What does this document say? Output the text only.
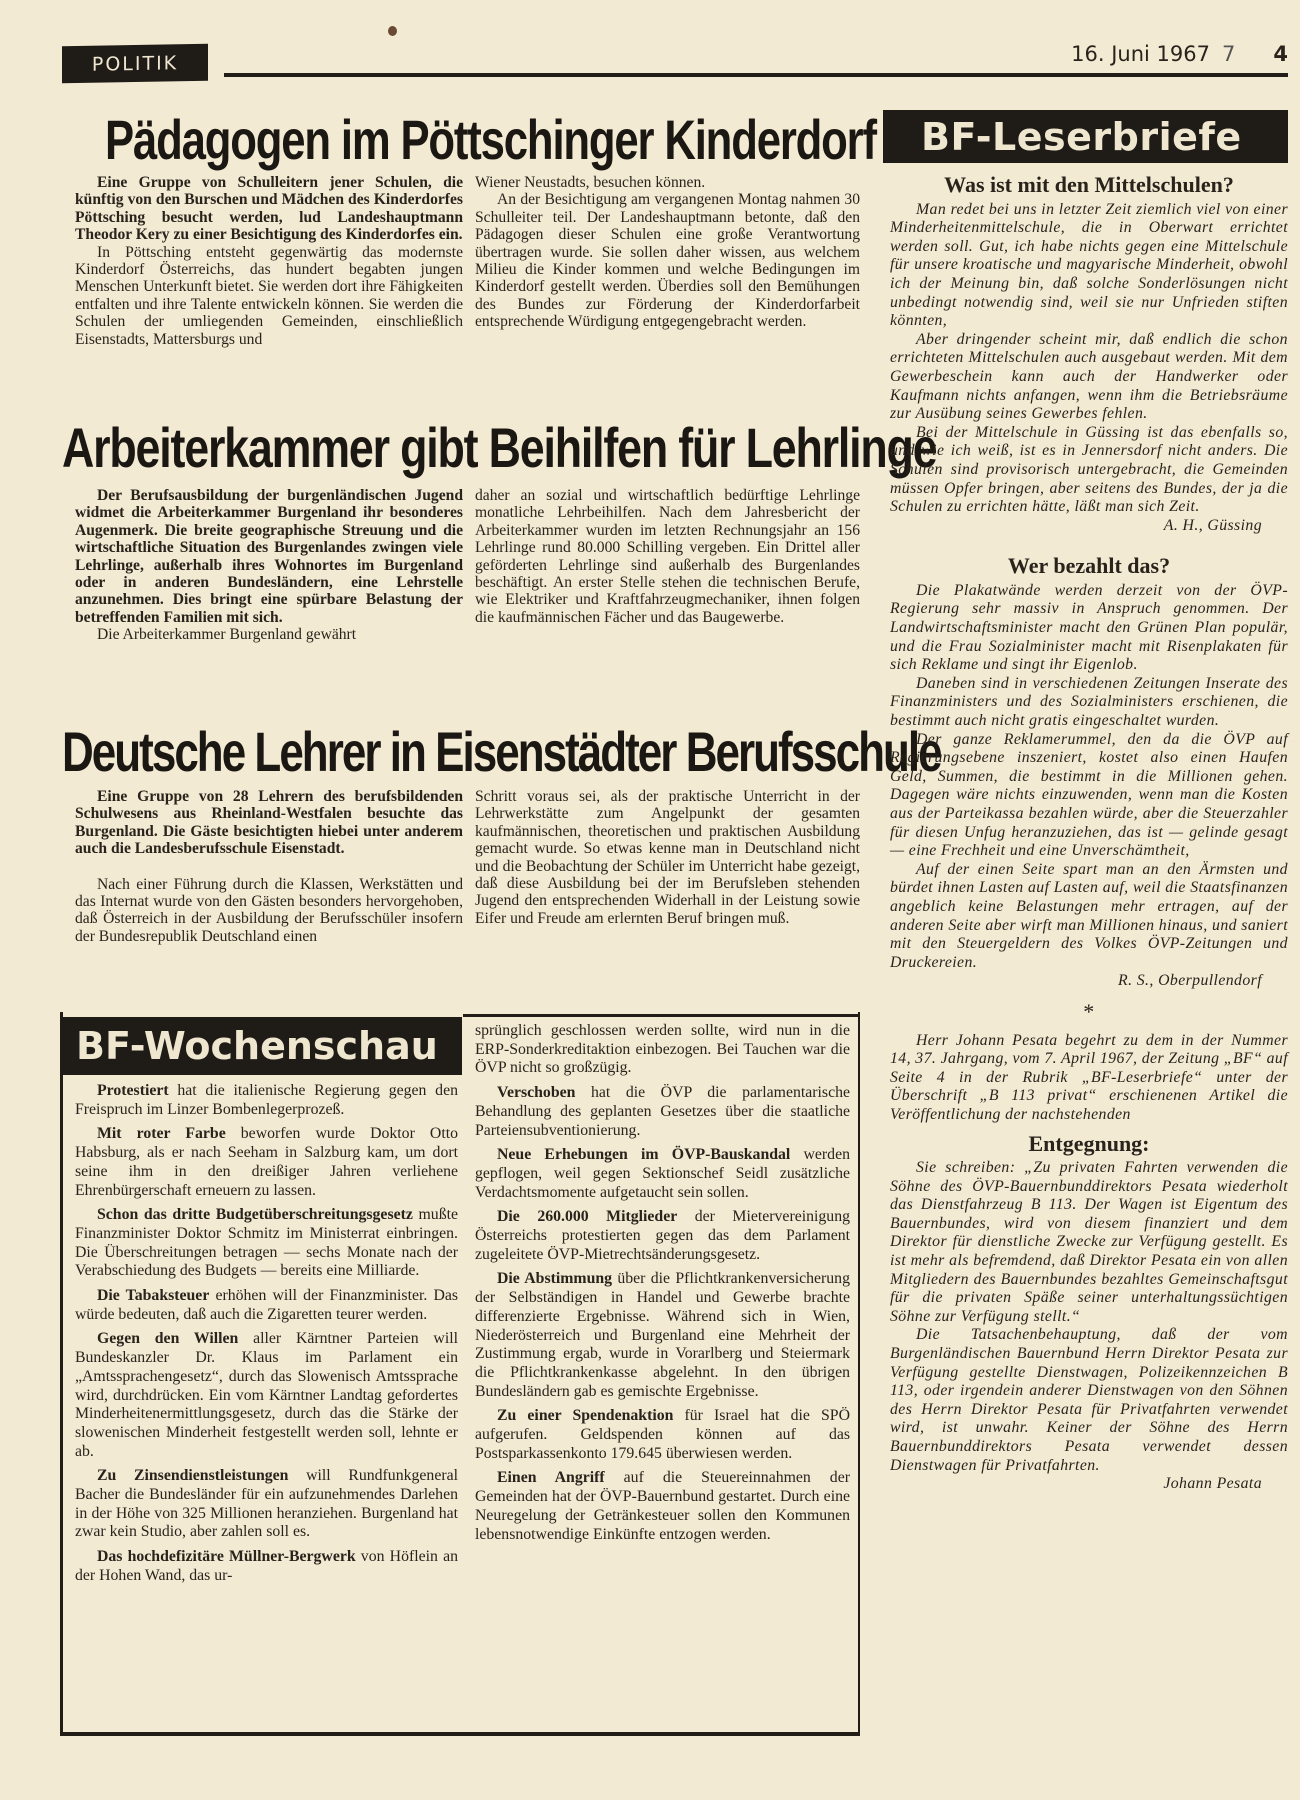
POLITIK	16. Juni 1967 7 4
Pädagogen im Pöttschinger Kinderdorf

Eine Gruppe von Schulleitern jener Schulen, die künftig von den Burschen und Mädchen des Kinderdorfes Pöttsching besucht werden, lud Landeshauptmann Theodor Kery zu einer Besichtigung des Kinderdorfes ein.

In Pöttsching entsteht gegenwärtig das modernste Kinderdorf Österreichs, das hundert begabten jungen Menschen Unterkunft bietet. Sie werden dort ihre Fähigkeiten entfalten und ihre Talente entwickeln können. Sie werden die Schulen der umliegenden Gemeinden, einschließlich Eisenstadts, Mattersburgs und

Wiener Neustadts, besuchen können.

An der Besichtigung am vergangenen Montag nahmen 30 Schulleiter teil. Der Landeshauptmann betonte, daß den Pädagogen dieser Schulen eine große Verantwortung übertragen wurde. Sie sollen daher wissen, aus welchem Milieu die Kinder kommen und welche Bedingungen im Kinderdorf gestellt werden. Überdies soll den Bemühungen des Bundes zur Förderung der Kinderdorfarbeit entsprechende Würdigung entgegengebracht werden.

Arbeiterkammer gibt Beihilfen für Lehrlinge

Der Berufsausbildung der burgenländischen Jugend widmet die Arbeiterkammer Burgenland ihr besonderes Augenmerk. Die breite geographische Streuung und die wirtschaftliche Situation des Burgenlandes zwingen viele Lehrlinge, außerhalb ihres Wohnortes im Burgenland oder in anderen Bundesländern, eine Lehrstelle anzunehmen. Dies bringt eine spürbare Belastung der betreffenden Familien mit sich.

Die Arbeiterkammer Burgenland gewährt

daher an sozial und wirtschaftlich bedürftige Lehrlinge monatliche Lehrbeihilfen. Nach dem Jahresbericht der Arbeiterkammer wurden im letzten Rechnungsjahr an 156 Lehrlinge rund 80.000 Schilling vergeben. Ein Drittel aller geförderten Lehrlinge sind außerhalb des Burgenlandes beschäftigt. An erster Stelle stehen die technischen Berufe, wie Elektriker und Kraftfahrzeugmechaniker, ihnen folgen die kaufmännischen Fächer und das Baugewerbe.

Deutsche Lehrer in Eisenstädter Berufsschule

Eine Gruppe von 28 Lehrern des berufsbildenden Schulwesens aus Rheinland-Westfalen besuchte das Burgenland. Die Gäste besichtigten hiebei unter anderem auch die Landesberufsschule Eisenstadt.

Nach einer Führung durch die Klassen, Werkstätten und das Internat wurde von den Gästen besonders hervorgehoben, daß Österreich in der Ausbildung der Berufsschüler insofern der Bundesrepublik Deutschland einen

Schritt voraus sei, als der praktische Unterricht in der Lehrwerkstätte zum Angelpunkt der gesamten kaufmännischen, theoretischen und praktischen Ausbildung gemacht wurde. So etwas kenne man in Deutschland nicht und die Beobachtung der Schüler im Unterricht habe gezeigt, daß diese Ausbildung bei der im Berufsleben stehenden Jugend den entsprechenden Widerhall in der Leistung sowie Eifer und Freude am erlernten Beruf bringen muß.

BF-Wochenschau

Protestiert hat die italienische Regierung gegen den Freispruch im Linzer Bombenlegerprozeß.

Mit roter Farbe beworfen wurde Doktor Otto Habsburg, als er nach Seeham in Salzburg kam, um dort seine ihm in den dreißiger Jahren verliehene Ehrenbürgerschaft erneuern zu lassen.

Schon das dritte Budgetüberschreitungsgesetz mußte Finanzminister Doktor Schmitz im Ministerrat einbringen. Die Überschreitungen betragen — sechs Monate nach der Verabschiedung des Budgets — bereits eine Milliarde.

Die Tabaksteuer erhöhen will der Finanzminister. Das würde bedeuten, daß auch die Zigaretten teurer werden.

Gegen den Willen aller Kärntner Parteien will Bundeskanzler Dr. Klaus im Parlament ein „Amtssprachengesetz“, durch das Slowenisch Amtssprache wird, durchdrücken. Ein vom Kärntner Landtag gefordertes Minderheitenermittlungsgesetz, durch das die Stärke der slowenischen Minderheit festgestellt werden soll, lehnte er ab.

Zu Zinsendienstleistungen will Rundfunkgeneral Bacher die Bundesländer für ein aufzunehmendes Darlehen in der Höhe von 325 Millionen heranziehen. Burgenland hat zwar kein Studio, aber zahlen soll es.

Das hochdefizitäre Müllner-Bergwerk von Höflein an der Hohen Wand, das ur-

sprünglich geschlossen werden sollte, wird nun in die ERP-Sonderkreditaktion einbezogen. Bei Tauchen war die ÖVP nicht so großzügig.

Verschoben hat die ÖVP die parlamentarische Behandlung des geplanten Gesetzes über die staatliche Parteiensubventionierung.

Neue Erhebungen im ÖVP-Bauskandal werden gepflogen, weil gegen Sektionschef Seidl zusätzliche Verdachtsmomente aufgetaucht sein sollen.

Die 260.000 Mitglieder der Mietervereinigung Österreichs protestierten gegen das dem Parlament zugeleitete ÖVP-Mietrechtsänderungsgesetz.

Die Abstimmung über die Pflichtkrankenversicherung der Selbständigen in Handel und Gewerbe brachte differenzierte Ergebnisse. Während sich in Wien, Niederösterreich und Burgenland eine Mehrheit der Zustimmung ergab, wurde in Vorarlberg und Steiermark die Pflichtkrankenkasse abgelehnt. In den übrigen Bundesländern gab es gemischte Ergebnisse.

Zu einer Spendenaktion für Israel hat die SPÖ aufgerufen. Geldspenden können auf das Postsparkassenkonto 179.645 überwiesen werden.

Einen Angriff auf die Steuereinnahmen der Gemeinden hat der ÖVP-Bauernbund gestartet. Durch eine Neuregelung der Getränkesteuer sollen den Kommunen lebensnotwendige Einkünfte entzogen werden.

BF-Leserbriefe
Was ist mit den Mittelschulen?

Man redet bei uns in letzter Zeit ziemlich viel von einer Minderheitenmittelschule, die in Oberwart errichtet werden soll. Gut, ich habe nichts gegen eine Mittelschule für unsere kroatische und magyarische Minderheit, obwohl ich der Meinung bin, daß solche Sonderlösungen nicht unbedingt notwendig sind, weil sie nur Unfrieden stiften könnten,

Aber dringender scheint mir, daß endlich die schon errichteten Mittelschulen auch ausgebaut werden. Mit dem Gewerbeschein kann auch der Handwerker oder Kaufmann nichts anfangen, wenn ihm die Betriebsräume zur Ausübung seines Gewerbes fehlen.

Bei der Mittelschule in Güssing ist das ebenfalls so, und wie ich weiß, ist es in Jennersdorf nicht anders. Die Schulen sind provisorisch untergebracht, die Gemeinden müssen Opfer bringen, aber seitens des Bundes, der ja die Schulen zu errichten hätte, läßt man sich Zeit.

A. H., Güssing

Wer bezahlt das?

Die Plakatwände werden derzeit von der ÖVP-Regierung sehr massiv in Anspruch genommen. Der Landwirtschaftsminister macht den Grünen Plan populär, und die Frau Sozialminister macht mit Risenplakaten für sich Reklame und singt ihr Eigenlob.

Daneben sind in verschiedenen Zeitungen Inserate des Finanzministers und des Sozialministers erschienen, die bestimmt auch nicht gratis eingeschaltet wurden.

Der ganze Reklamerummel, den da die ÖVP auf Regierungsebene inszeniert, kostet also einen Haufen Geld, Summen, die bestimmt in die Millionen gehen. Dagegen wäre nichts einzuwenden, wenn man die Kosten aus der Parteikassa bezahlen würde, aber die Steuerzahler für diesen Unfug heranzuziehen, das ist — gelinde gesagt — eine Frechheit und eine Unverschämtheit,

Auf der einen Seite spart man an den Ärmsten und bürdet ihnen Lasten auf Lasten auf, weil die Staatsfinanzen angeblich keine Belastungen mehr ertragen, auf der anderen Seite aber wirft man Millionen hinaus, und saniert mit den Steuergeldern des Volkes ÖVP-Zeitungen und Druckereien.

R. S., Oberpullendorf

*

Herr Johann Pesata begehrt zu dem in der Nummer 14, 37. Jahrgang, vom 7. April 1967, der Zeitung „BF“ auf Seite 4 in der Rubrik „BF-Leserbriefe“ unter der Überschrift „B 113 privat“ erschienenen Artikel die Veröffentlichung der nachstehenden

Entgegnung:

Sie schreiben: „Zu privaten Fahrten verwenden die Söhne des ÖVP-Bauernbunddirektors Pesata wiederholt das Dienstfahrzeug B 113. Der Wagen ist Eigentum des Bauernbundes, wird von diesem finanziert und dem Direktor für dienstliche Zwecke zur Verfügung gestellt. Es ist mehr als befremdend, daß Direktor Pesata ein von allen Mitgliedern des Bauernbundes bezahltes Gemeinschaftsgut für die privaten Späße seiner unterhaltungssüchtigen Söhne zur Verfügung stellt.“

Die Tatsachenbehauptung, daß der vom Burgenländischen Bauernbund Herrn Direktor Pesata zur Verfügung gestellte Dienstwagen, Polizeikennzeichen B 113, oder irgendein anderer Dienstwagen von den Söhnen des Herrn Direktor Pesata für Privatfahrten verwendet wird, ist unwahr. Keiner der Söhne des Herrn Bauernbunddirektors Pesata verwendet dessen Dienstwagen für Privatfahrten.

Johann Pesata
